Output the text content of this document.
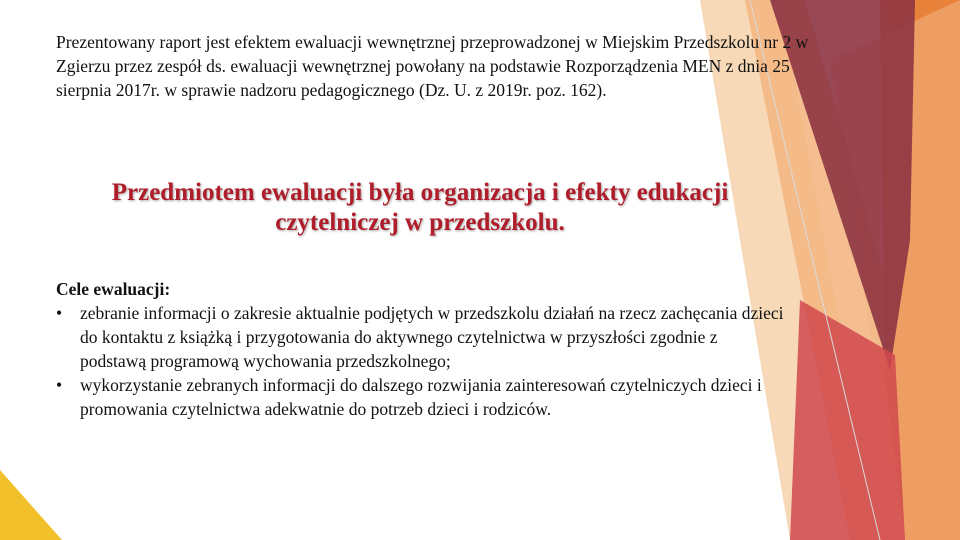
Prezentowany raport jest efektem ewaluacji wewnętrznej przeprowadzonej w Miejskim Przedszkolu nr 2 w Zgierzu przez zespół ds. ewaluacji wewnętrznej powołany na podstawie Rozporządzenia MEN z dnia 25 sierpnia 2017r. w sprawie nadzoru pedagogicznego (Dz. U. z 2019r. poz. 162).

Przedmiotem ewaluacji była organizacja i efekty edukacji czytelniczej w przedszkolu.

Cele ewaluacji:

• zebranie informacji o zakresie aktualnie podjętych w przedszkolu działań na rzecz zachęcania dzieci do kontaktu z książką i przygotowania do aktywnego czytelnictwa w przyszłości zgodnie z podstawą programową wychowania przedszkolnego;
• wykorzystanie zebranych informacji do dalszego rozwijania zainteresowań czytelniczych dzieci i promowania czytelnictwa adekwatnie do potrzeb dzieci i rodziców.
